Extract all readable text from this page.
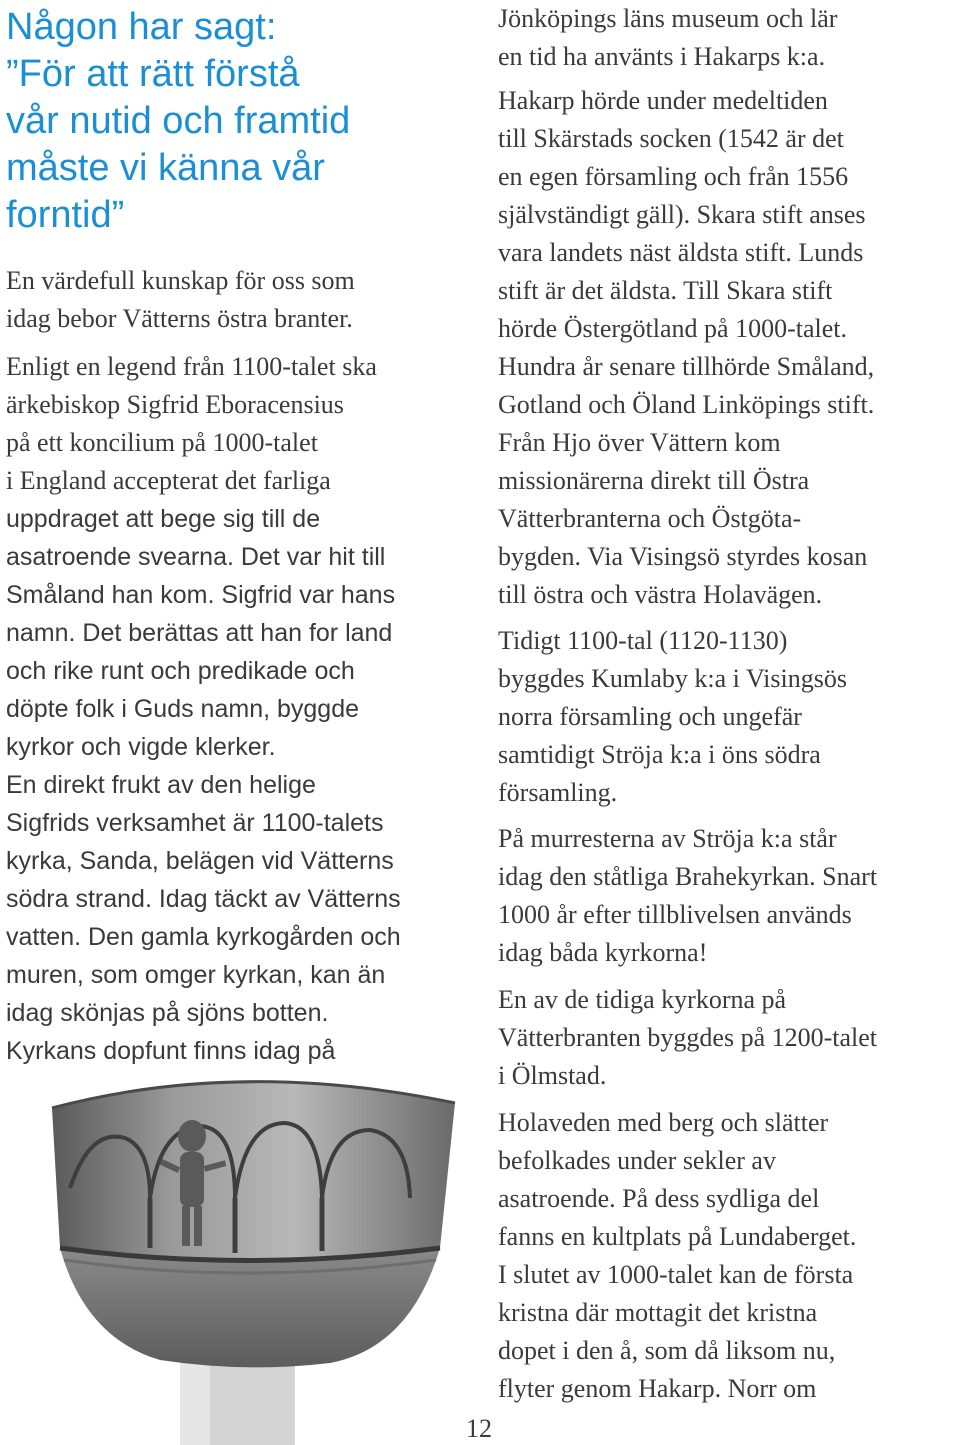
Någon har sagt:
”För att rätt förstå
vår nutid och framtid
måste vi känna vår
forntid”

En värdefull kunskap för oss som
idag bebor Vätterns östra branter.

Enligt en legend från 1100-talet ska
ärkebiskop Sigfrid Eboracensius
på ett koncilium på 1000-talet
i England accepterat det farliga
uppdraget att bege sig till de
asatroende svearna. Det var hit till
Småland han kom. Sigfrid var hans
namn. Det berättas att han for land
och rike runt och predikade och
döpte folk i Guds namn, byggde
kyrkor och vigde klerker.
En direkt frukt av den helige
Sigfrids verksamhet är 1100-talets
kyrka, Sanda, belägen vid Vätterns
södra strand. Idag täckt av Vätterns
vatten. Den gamla kyrkogården och
muren, som omger kyrkan, kan än
idag skönjas på sjöns botten.
Kyrkans dopfunt finns idag på

Jönköpings läns museum och lär
en tid ha använts i Hakarps k:a.

Hakarp hörde under medeltiden
till Skärstads socken (1542 är det
en egen församling och från 1556
självständigt gäll). Skara stift anses
vara landets näst äldsta stift. Lunds
stift är det äldsta. Till Skara stift
hörde Östergötland på 1000-talet.
Hundra år senare tillhörde Småland,
Gotland och Öland Linköpings stift.
Från Hjo över Vättern kom
missionärerna direkt till Östra
Vätterbranterna och Östgöta-
bygden. Via Visingsö styrdes kosan
till östra och västra Holavägen.

Tidigt 1100-tal (1120-1130)
byggdes Kumlaby k:a i Visingsös
norra församling och ungefär
samtidigt Ströja k:a i öns södra
församling.

På murresterna av Ströja k:a står
idag den ståtliga Brahekyrkan. Snart
1000 år efter tillblivelsen används
idag båda kyrkorna!

En av de tidiga kyrkorna på
Vätterbranten byggdes på 1200-talet
i Ölmstad.

Holaveden med berg och slätter
befolkades under sekler av
asatroende. På dess sydliga del
fanns en kultplats på Lundaberget.
I slutet av 1000-talet kan de första
kristna där mottagit det kristna
dopet i den å, som då liksom nu,
flyter genom Hakarp. Norr om

12
